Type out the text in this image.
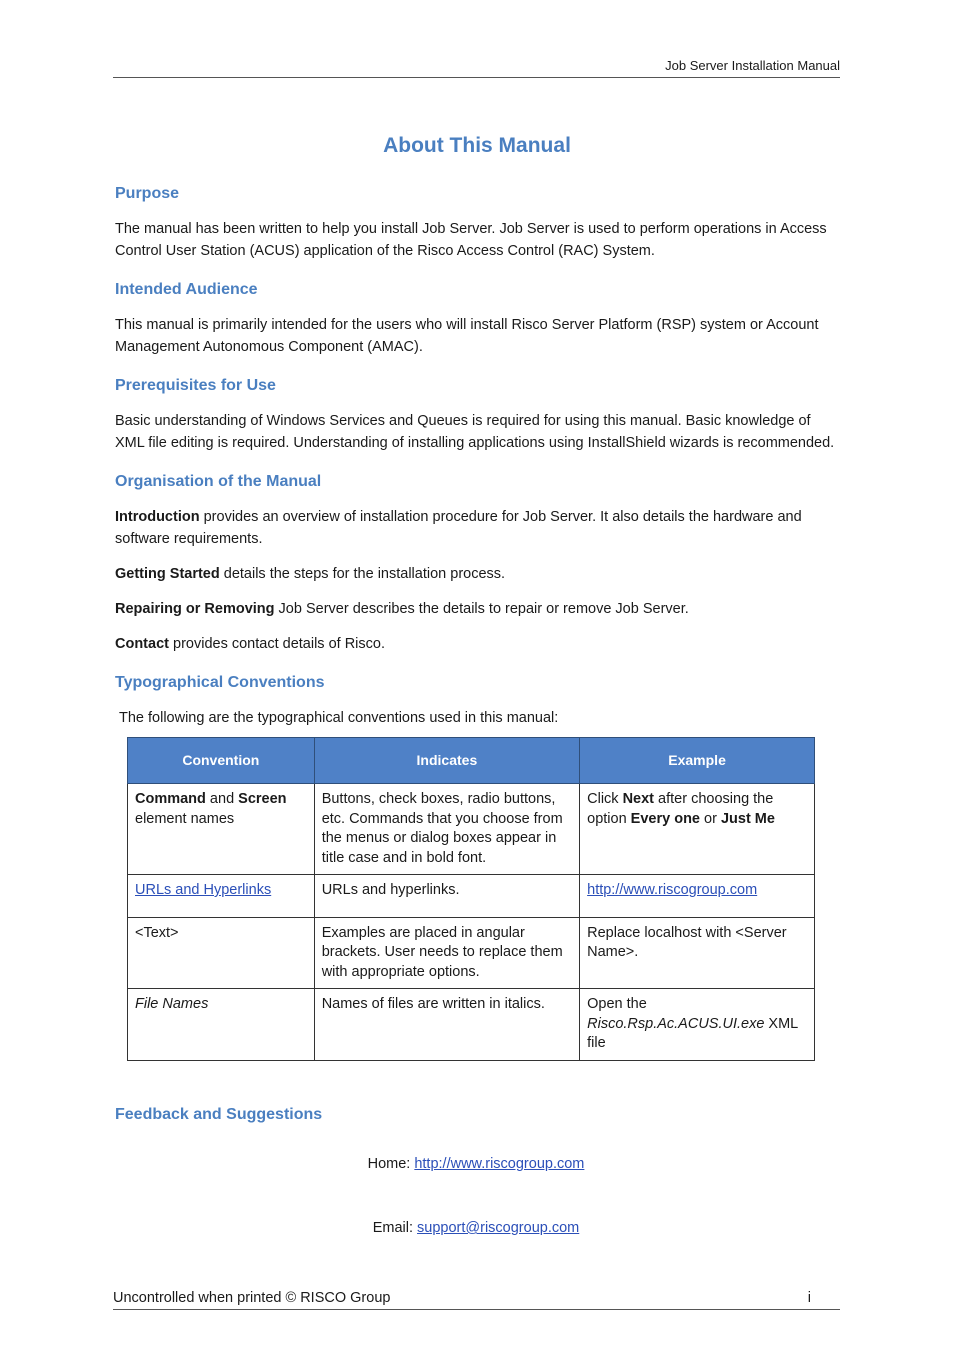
Job Server Installation Manual
About This Manual
Purpose

The manual has been written to help you install Job Server. Job Server is used to perform operations in Access Control User Station (ACUS) application of the Risco Access Control (RAC) System.

Intended Audience

This manual is primarily intended for the users who will install Risco Server Platform (RSP) system or Account Management Autonomous Component (AMAC).

Prerequisites for Use

Basic understanding of Windows Services and Queues is required for using this manual. Basic knowledge of XML file editing is required. Understanding of installing applications using InstallShield wizards is recommended.

Organisation of the Manual

Introduction provides an overview of installation procedure for Job Server. It also details the hardware and software requirements.

Getting Started details the steps for the installation process.

Repairing or Removing Job Server describes the details to repair or remove Job Server.

Contact provides contact details of Risco.

Typographical Conventions

The following are the typographical conventions used in this manual:

Convention	Indicates	Example
Command and Screen
element names	Buttons, check boxes, radio buttons, etc. Commands that you choose from the menus or dialog boxes appear in title case and in bold font.	Click Next after choosing the option Every one or Just Me
URLs and Hyperlinks	URLs and hyperlinks.	http://www.riscogroup.com
<Text>	Examples are placed in angular brackets. User needs to replace them with appropriate options.	Replace localhost with <Server Name>.
File Names	Names of files are written in italics.	Open the
Risco.Rsp.Ac.ACUS.UI.exe XML file
Feedback and Suggestions

Home: http://www.riscogroup.com

Email: support@riscogroup.com

Uncontrolled when printed © RISCO Group	i
